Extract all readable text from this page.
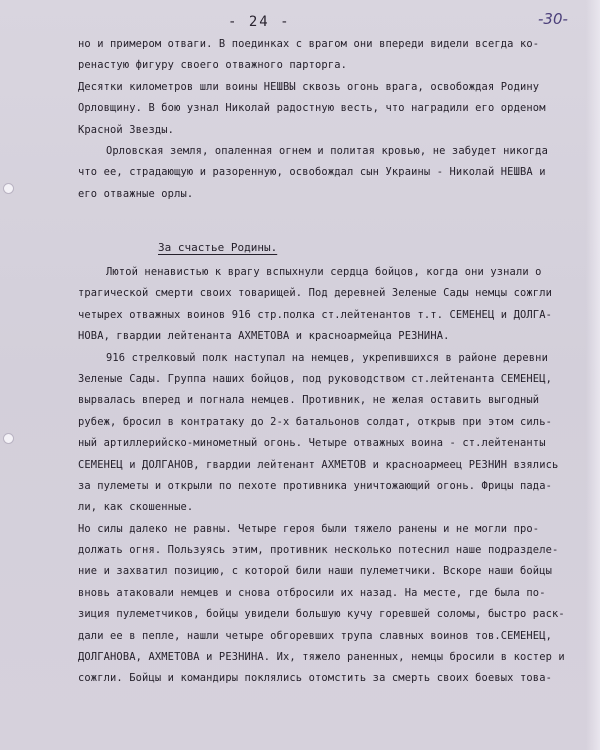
- 24 -	-30-
но и примером отваги. В поединках с врагом они впереди видели всегда ко-
ренастую фигуру своего отважного парторга.
Десятки километров шли воины НЕШВЫ сквозь огонь врага, освобождая Родину
Орловщину. В бою узнал Николай радостную весть, что наградили его орденом
Красной Звезды.
Орловская земля, опаленная огнем и политая кровью, не забудет никогда
что ее, страдающую и разоренную, освобождал сын Украины - Николай НЕШВА и
его отважные орлы.
За счастье Родины.
Лютой ненавистью к врагу вспыхнули сердца бойцов, когда они узнали о
трагической смерти своих товарищей. Под деревней Зеленые Сады немцы сожгли
четырех отважных воинов 916 стр.полка ст.лейтенантов т.т. СЕМЕНЕЦ и ДОЛГА-
НОВА, гвардии лейтенанта АХМЕТОВА и красноармейца РЕЗНИНА.
916 стрелковый полк наступал на немцев, укрепившихся в районе деревни
Зеленые Сады. Группа наших бойцов, под руководством ст.лейтенанта СЕМЕНЕЦ,
вырвалась вперед и погнала немцев. Противник, не желая оставить выгодный
рубеж, бросил в контратаку до 2-х батальонов солдат, открыв при этом силь-
ный артиллерийско-минометный огонь. Четыре отважных воина - ст.лейтенанты
СЕМЕНЕЦ и ДОЛГАНОВ, гвардии лейтенант АХМЕТОВ и красноармеец РЕЗНИН взялись
за пулеметы и открыли по пехоте противника уничтожающий огонь. Фрицы пада-
ли, как скошенные.
Но силы далеко не равны. Четыре героя были тяжело ранены и не могли про-
должать огня. Пользуясь этим, противник несколько потеснил наше подразделе-
ние и захватил позицию, с которой били наши пулеметчики. Вскоре наши бойцы
вновь атаковали немцев и снова отбросили их назад. На месте, где была по-
зиция пулеметчиков, бойцы увидели большую кучу горевшей соломы, быстро раск-
дали ее в пепле, нашли четыре обгоревших трупа славных воинов тов.СЕМЕНЕЦ,
ДОЛГАНОВА, АХМЕТОВА и РЕЗНИНА. Их, тяжело раненных, немцы бросили в костер и
сожгли. Бойцы и командиры поклялись отомстить за смерть своих боевых това-
